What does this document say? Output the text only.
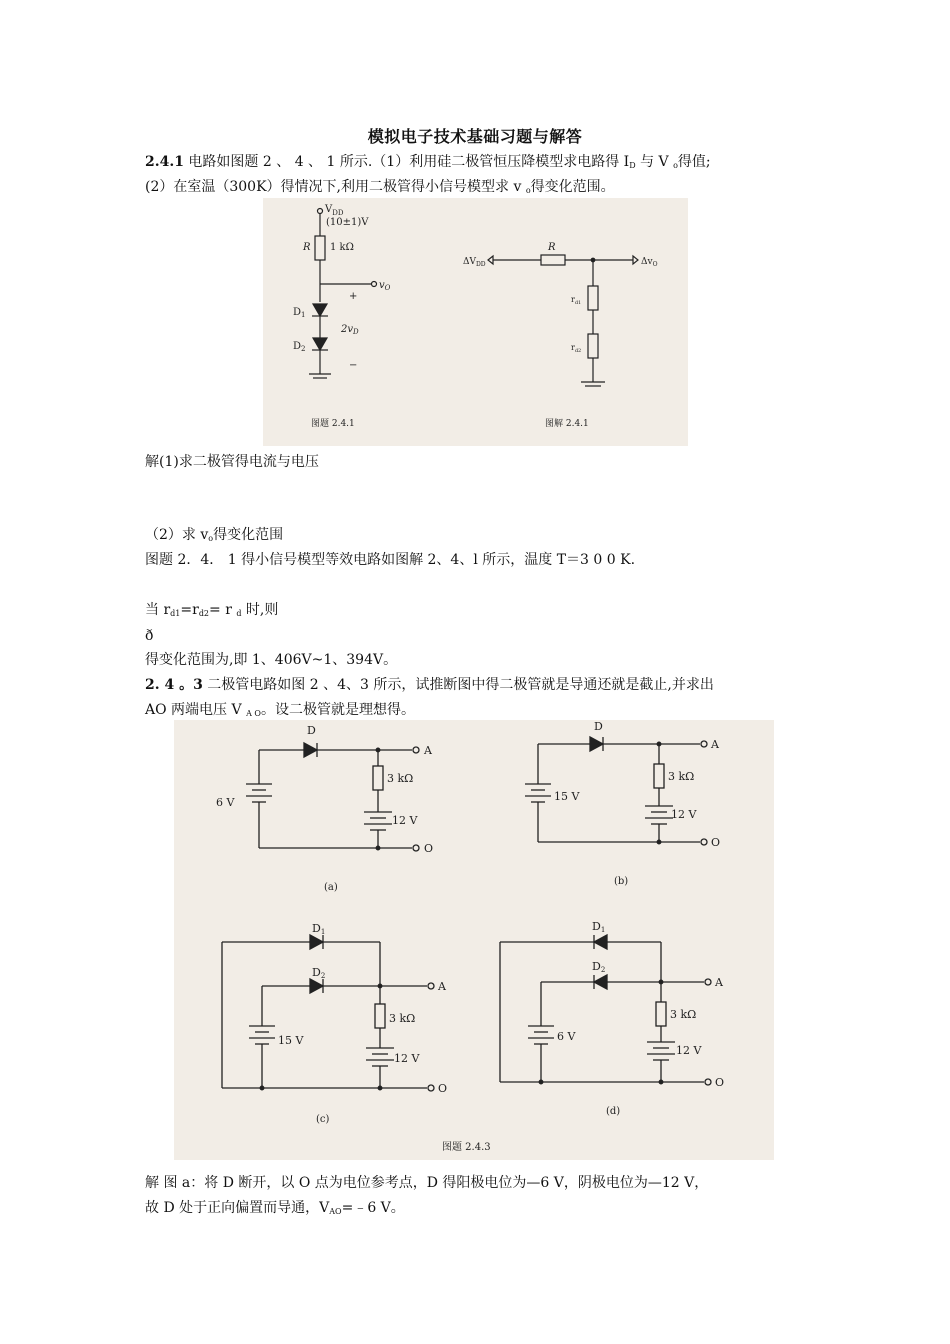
模拟电子技术基础习题与解答
2.4.1 电路如图题 2 、 4 、 1 所示.（1）利用硅二极管恒压降模型求电路得 $I_D$ 与 V $_o$得值;
(2）在室温（300K）得情况下,利用二极管得小信号模型求 v $_o$得变化范围。
$V_{DD}$
(10±1)V
R 1 kΩ
$v_O$
+
−
$D_1$
$D_2$
$2v_D$
图题 2.4.1
$\Delta V_{DD}$
R
$\Delta v_O$
$r_{d1}$
$r_{d2}$
图解 2.4.1
解(1)求二极管得电流与电压
（2）求 $v_o$得变化范围
图题 2．4． 1 得小信号模型等效电路如图解 2、4、l 所示，温度 T＝3 0 0 K.
当 $r_{d1}=r_{d2}= r$ $_d$ 时,则
ð
得变化范围为,即 1、406V~1、394V。
2. 4 。3 二极管电路如图 2 、4、3 所示，试推断图中得二极管就是导通还就是截止,并求出
AO 两端电压 V $_{A O}$。设二极管就是理想得。
D
A
O
6 V
3 kΩ
12 V
(a)
D
A
O
15 V
3 kΩ
12 V
(b)
D1
D2
A
O
15 V
3 kΩ
12 V
(c)
D1
D2
A
O
6 V
3 kΩ
12 V
(d)
图题 2.4.3
解 图 a：将 D 断开，以 O 点为电位参考点，D 得阳极电位为—6 V，阴极电位为—12 V，
故 D 处于正向偏置而导通，$V_{AO}=﹣6$ V。
